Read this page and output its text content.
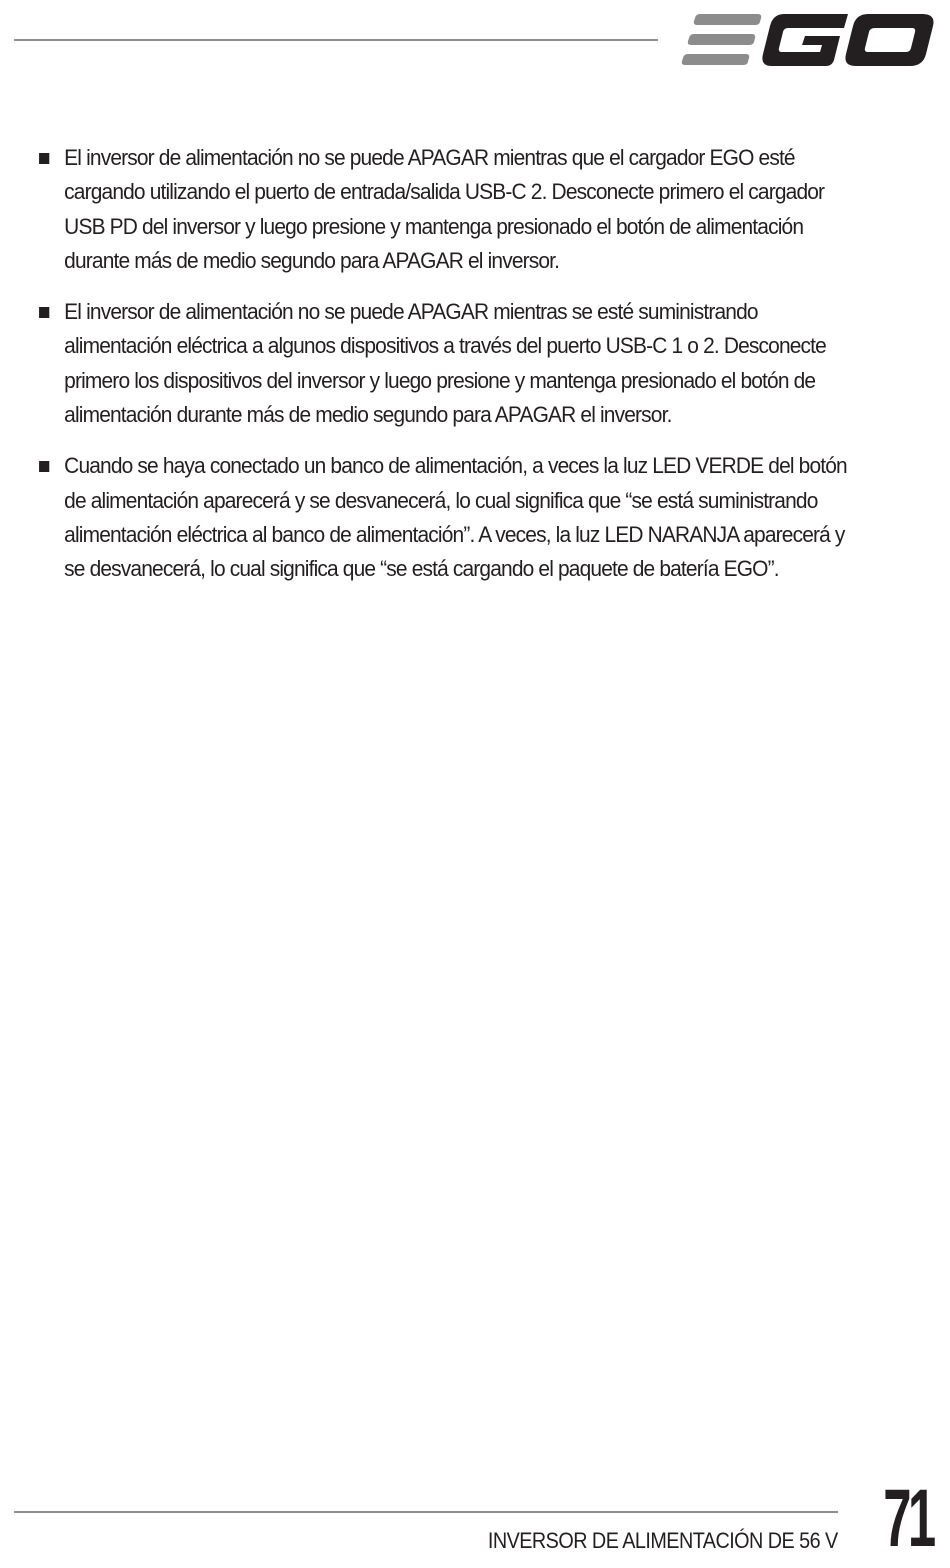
El inversor de alimentación no se puede APAGAR mientras que el cargador EGO esté cargando utilizando el puerto de entrada/salida USB-C 2. Desconecte primero el cargador USB PD del inversor y luego presione y mantenga presionado el botón de alimentación durante más de medio segundo para APAGAR el inversor.
El inversor de alimentación no se puede APAGAR mientras se esté suministrando alimentación eléctrica a algunos dispositivos a través del puerto USB-C 1 o 2. Desconecte primero los dispositivos del inversor y luego presione y mantenga presionado el botón de alimentación durante más de medio segundo para APAGAR el inversor.
Cuando se haya conectado un banco de alimentación, a veces la luz LED VERDE del botón de alimentación aparecerá y se desvanecerá, lo cual significa que “se está suministrando alimentación eléctrica al banco de alimentación”. A veces, la luz LED NARANJA aparecerá y se desvanecerá, lo cual significa que “se está cargando el paquete de batería EGO”.
INVERSOR DE ALIMENTACIÓN DE 56 V 71
